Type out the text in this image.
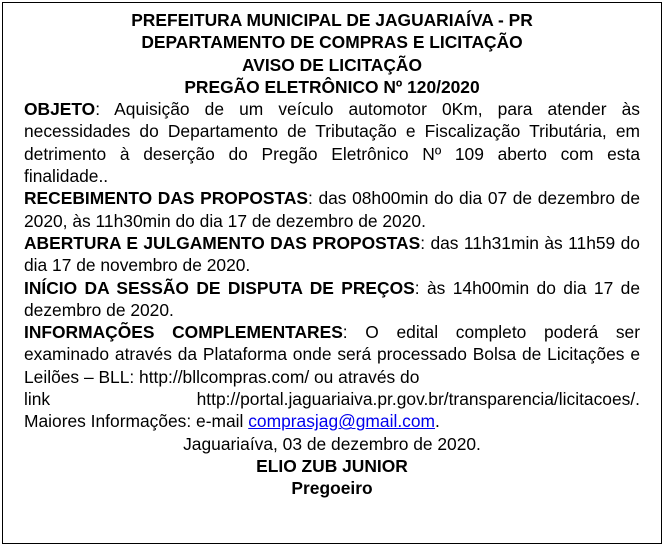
PREFEITURA MUNICIPAL DE JAGUARIAÍVA - PR

DEPARTAMENTO DE COMPRAS E LICITAÇÃO

AVISO DE LICITAÇÃO

PREGÃO ELETRÔNICO Nº 120/2020

OBJETO: Aquisição de um veículo automotor 0Km, para atender às necessidades do Departamento de Tributação e Fiscalização Tributária, em detrimento à deserção do Pregão Eletrônico Nº 109 aberto com esta finalidade..

RECEBIMENTO DAS PROPOSTAS: das 08h00min do dia 07 de dezembro de 2020, às 11h30min do dia 17 de dezembro de 2020.

ABERTURA E JULGAMENTO DAS PROPOSTAS: das 11h31min às 11h59 do dia 17 de novembro de 2020.

INÍCIO DA SESSÃO DE DISPUTA DE PREÇOS: às 14h00min do dia 17 de dezembro de 2020.

INFORMAÇÕES COMPLEMENTARES: O edital completo poderá ser examinado através da Plataforma onde será processado Bolsa de Licitações e Leilões – BLL: http://bllcompras.com/ ou através do

link	http://portal.jaguariaiva.pr.gov.br/transparencia/licitacoes/.

Maiores Informações: e-mail comprasjag@gmail.com.

Jaguariaíva, 03 de dezembro de 2020.

ELIO ZUB JUNIOR

Pregoeiro
